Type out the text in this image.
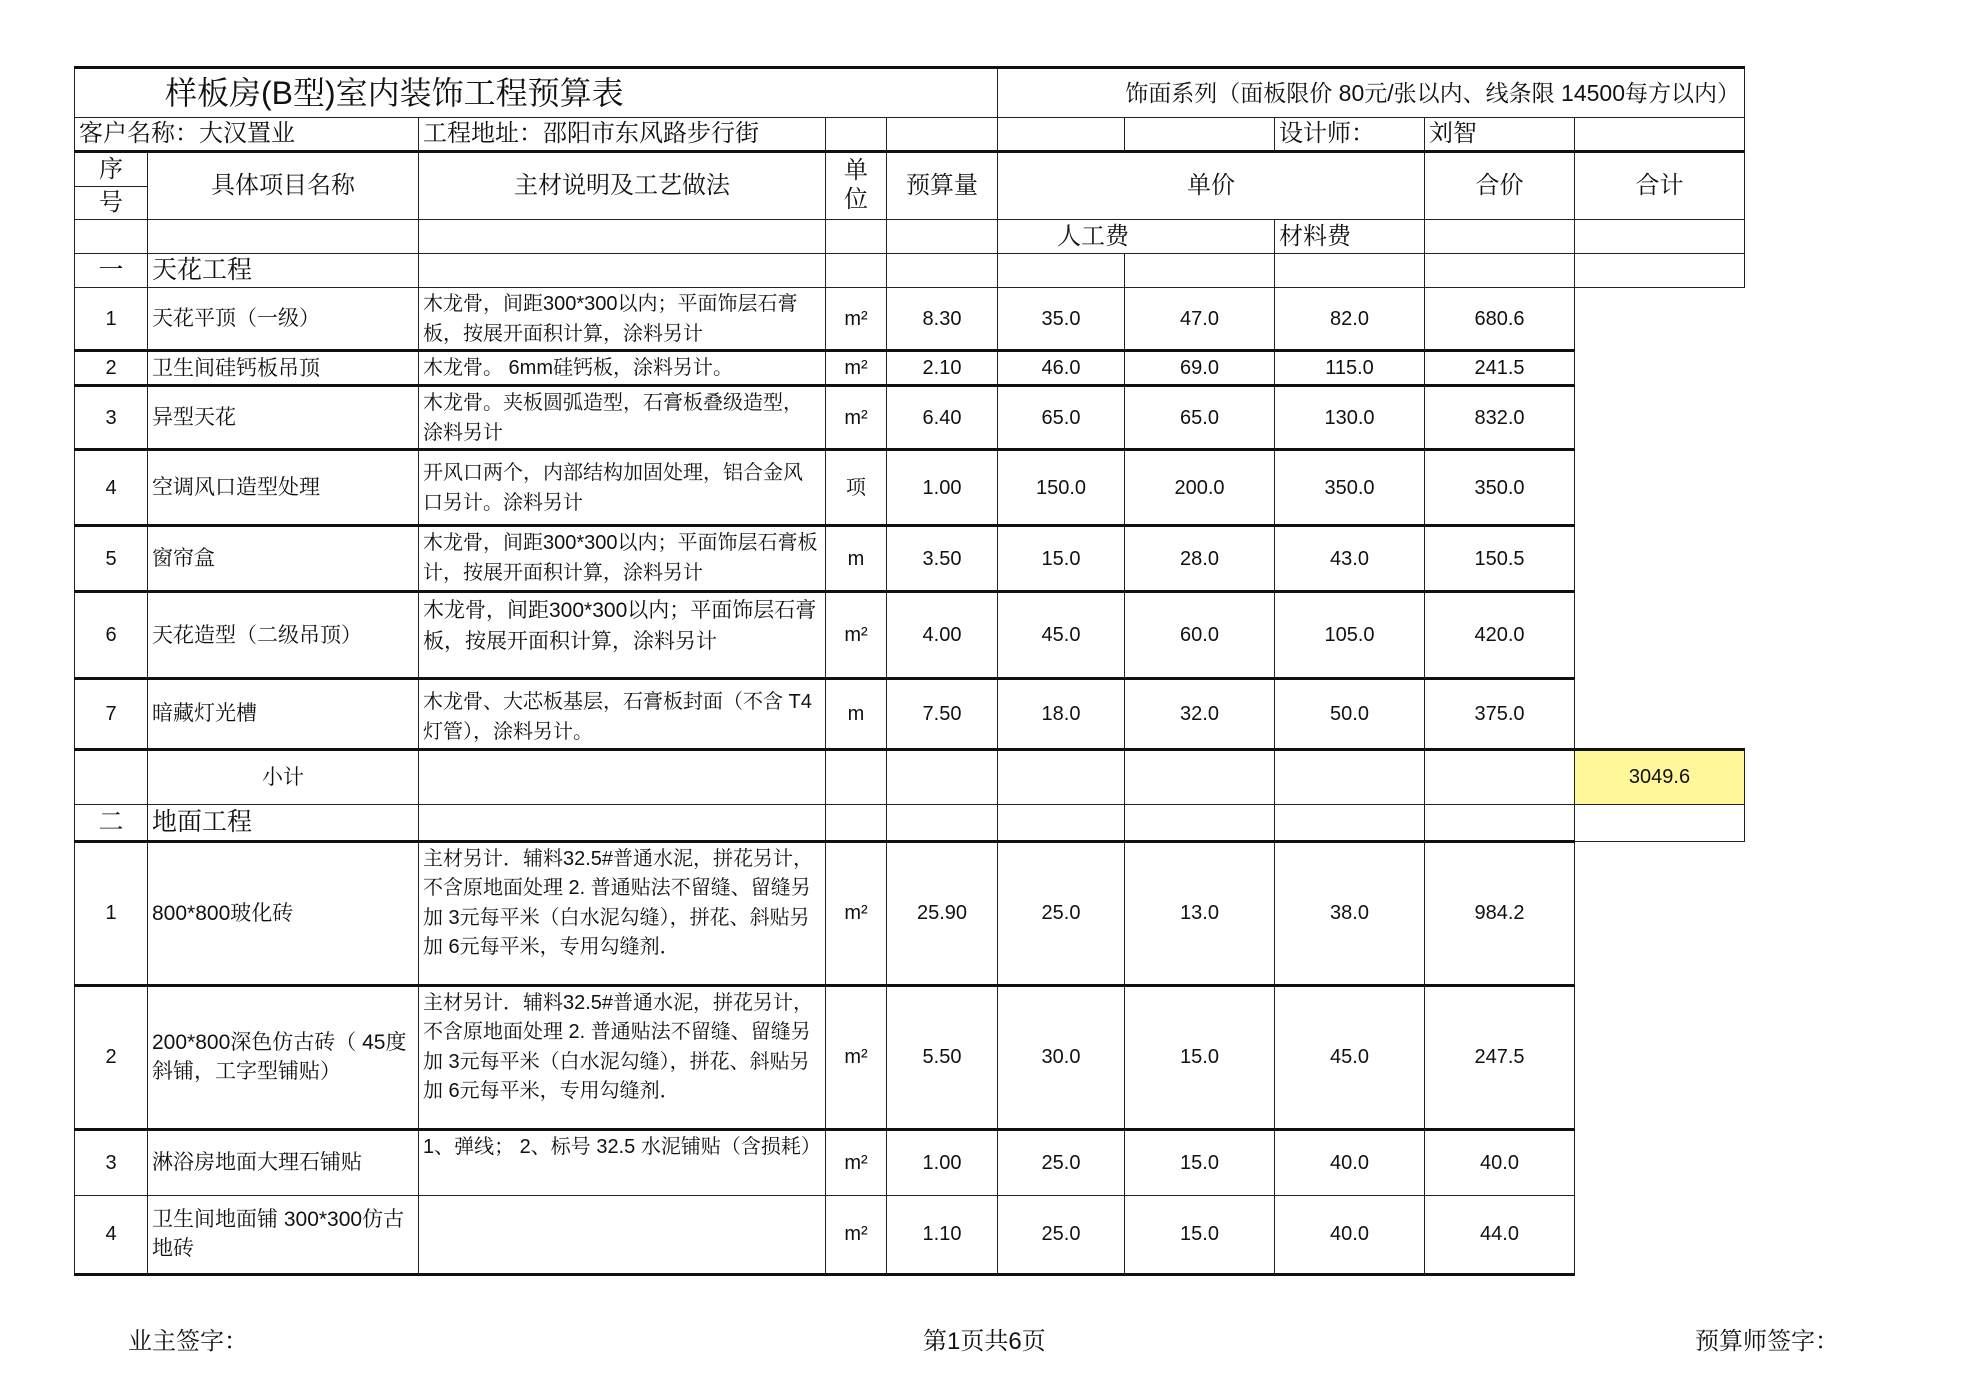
样板房(B型)室内装饰工程预算表					饰面系列（面板限价 80元/张以内、线条限 14500每方以内）				
客户名称：大汉置业		工程地址：邵阳市东风路步行街					设计师：	刘智	
序	具体项目名称	主材说明及工艺做法	单位	预算量	单价			合价	合计
号									
					人工费		材料费		
一	天花工程								
1	天花平顶（一级）	木龙骨，间距300*300以内；平面饰层石膏板，按展开面积计算，涂料另计	m²	8.30	35.0	47.0	82.0	680.6	
2	卫生间硅钙板吊顶	木龙骨。 6mm硅钙板，涂料另计。	m²	2.10	46.0	69.0	115.0	241.5	
3	异型天花	木龙骨。夹板圆弧造型，石膏板叠级造型，涂料另计	m²	6.40	65.0	65.0	130.0	832.0	
4	空调风口造型处理	开风口两个，内部结构加固处理，铝合金风口另计。涂料另计	项	1.00	150.0	200.0	350.0	350.0	
5	窗帘盒	木龙骨，间距300*300以内；平面饰层石膏板计，按展开面积计算，涂料另计	m	3.50	15.0	28.0	43.0	150.5	
6	天花造型（二级吊顶）	木龙骨，间距300*300以内；平面饰层石膏板，按展开面积计算，涂料另计	m²	4.00	45.0	60.0	105.0	420.0	
7	暗藏灯光槽	木龙骨、大芯板基层，石膏板封面（不含 T4灯管），涂料另计。	m	7.50	18.0	32.0	50.0	375.0	
	小计								3049.6
二	地面工程								
1	800*800玻化砖	主材另计．辅料32.5#普通水泥，拼花另计，不含原地面处理 2. 普通贴法不留缝、留缝另加 3元每平米（白水泥勾缝），拼花、斜贴另加 6元每平米，专用勾缝剂．	m²	25.90	25.0	13.0	38.0	984.2	
2	200*800深色仿古砖（ 45度斜铺，工字型铺贴）	主材另计．辅料32.5#普通水泥，拼花另计，不含原地面处理 2. 普通贴法不留缝、留缝另加 3元每平米（白水泥勾缝），拼花、斜贴另加 6元每平米，专用勾缝剂．	m²	5.50	30.0	15.0	45.0	247.5	
3	淋浴房地面大理石铺贴	1、弹线； 2、标号 32.5 水泥铺贴（含损耗）	m²	1.00	25.0	15.0	40.0	40.0	
4	卫生间地面铺 300*300仿古地砖		m²	1.10	25.0	15.0	40.0	44.0	
业主签字：	第1页共6页	预算师签字：
